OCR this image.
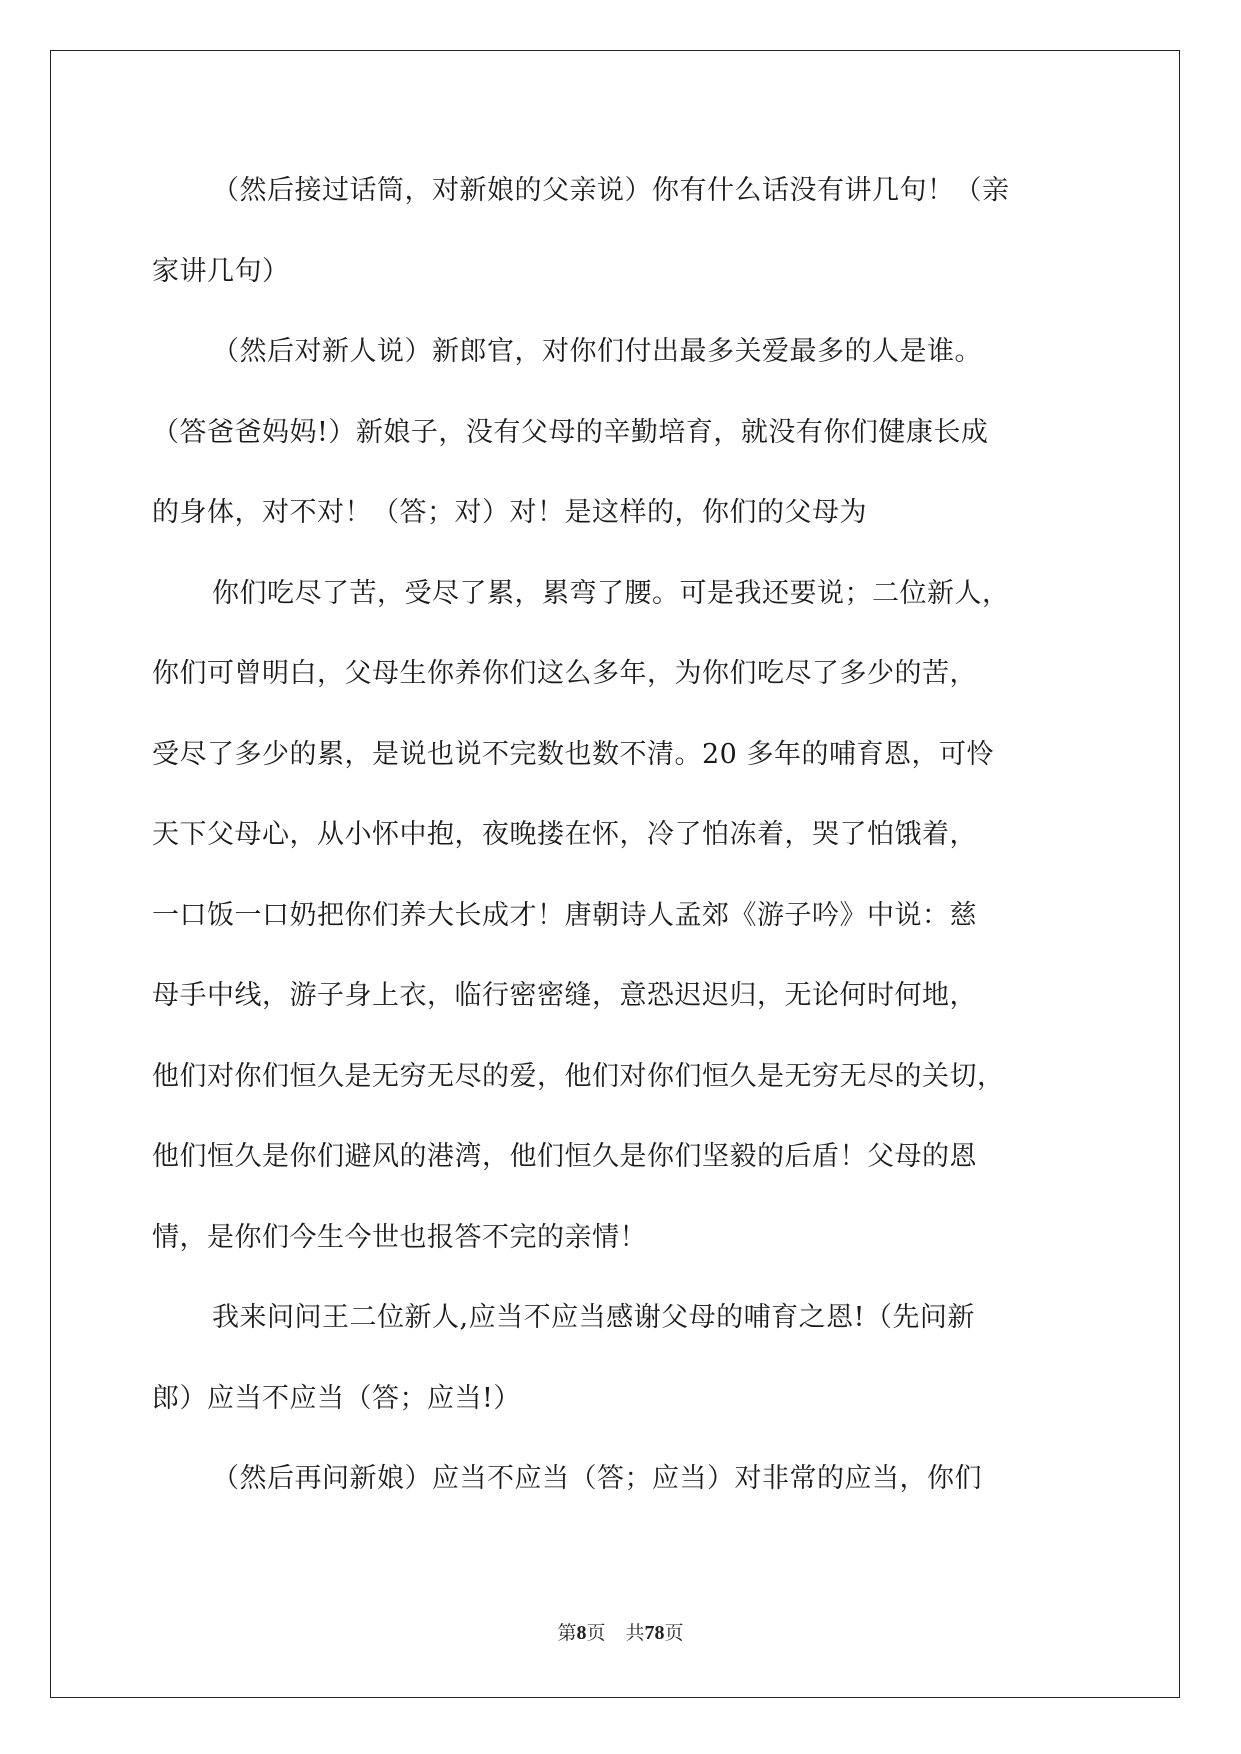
（然后接过话筒，对新娘的父亲说）你有什么话没有讲几句！（亲
家讲几句）
（然后对新人说）新郎官，对你们付出最多关爱最多的人是谁。
（答爸爸妈妈!）新娘子，没有父母的辛勤培育，就没有你们健康长成
的身体，对不对！（答；对）对！是这样的，你们的父母为
你们吃尽了苦，受尽了累，累弯了腰。可是我还要说；二位新人，
你们可曾明白，父母生你养你们这么多年，为你们吃尽了多少的苦，
受尽了多少的累，是说也说不完数也数不清。20 多年的哺育恩，可怜
天下父母心，从小怀中抱，夜晚搂在怀，冷了怕冻着，哭了怕饿着，
一口饭一口奶把你们养大长成才！唐朝诗人孟郊《游子吟》中说：慈
母手中线，游子身上衣，临行密密缝，意恐迟迟归，无论何时何地，
他们对你们恒久是无穷无尽的爱，他们对你们恒久是无穷无尽的关切，
他们恒久是你们避风的港湾，他们恒久是你们坚毅的后盾！父母的恩
情，是你们今生今世也报答不完的亲情！
我来问问王二位新人,应当不应当感谢父母的哺育之恩!（先问新
郎）应当不应当（答；应当!）
（然后再问新娘）应当不应当（答；应当）对非常的应当，你们
第8页 共78页
